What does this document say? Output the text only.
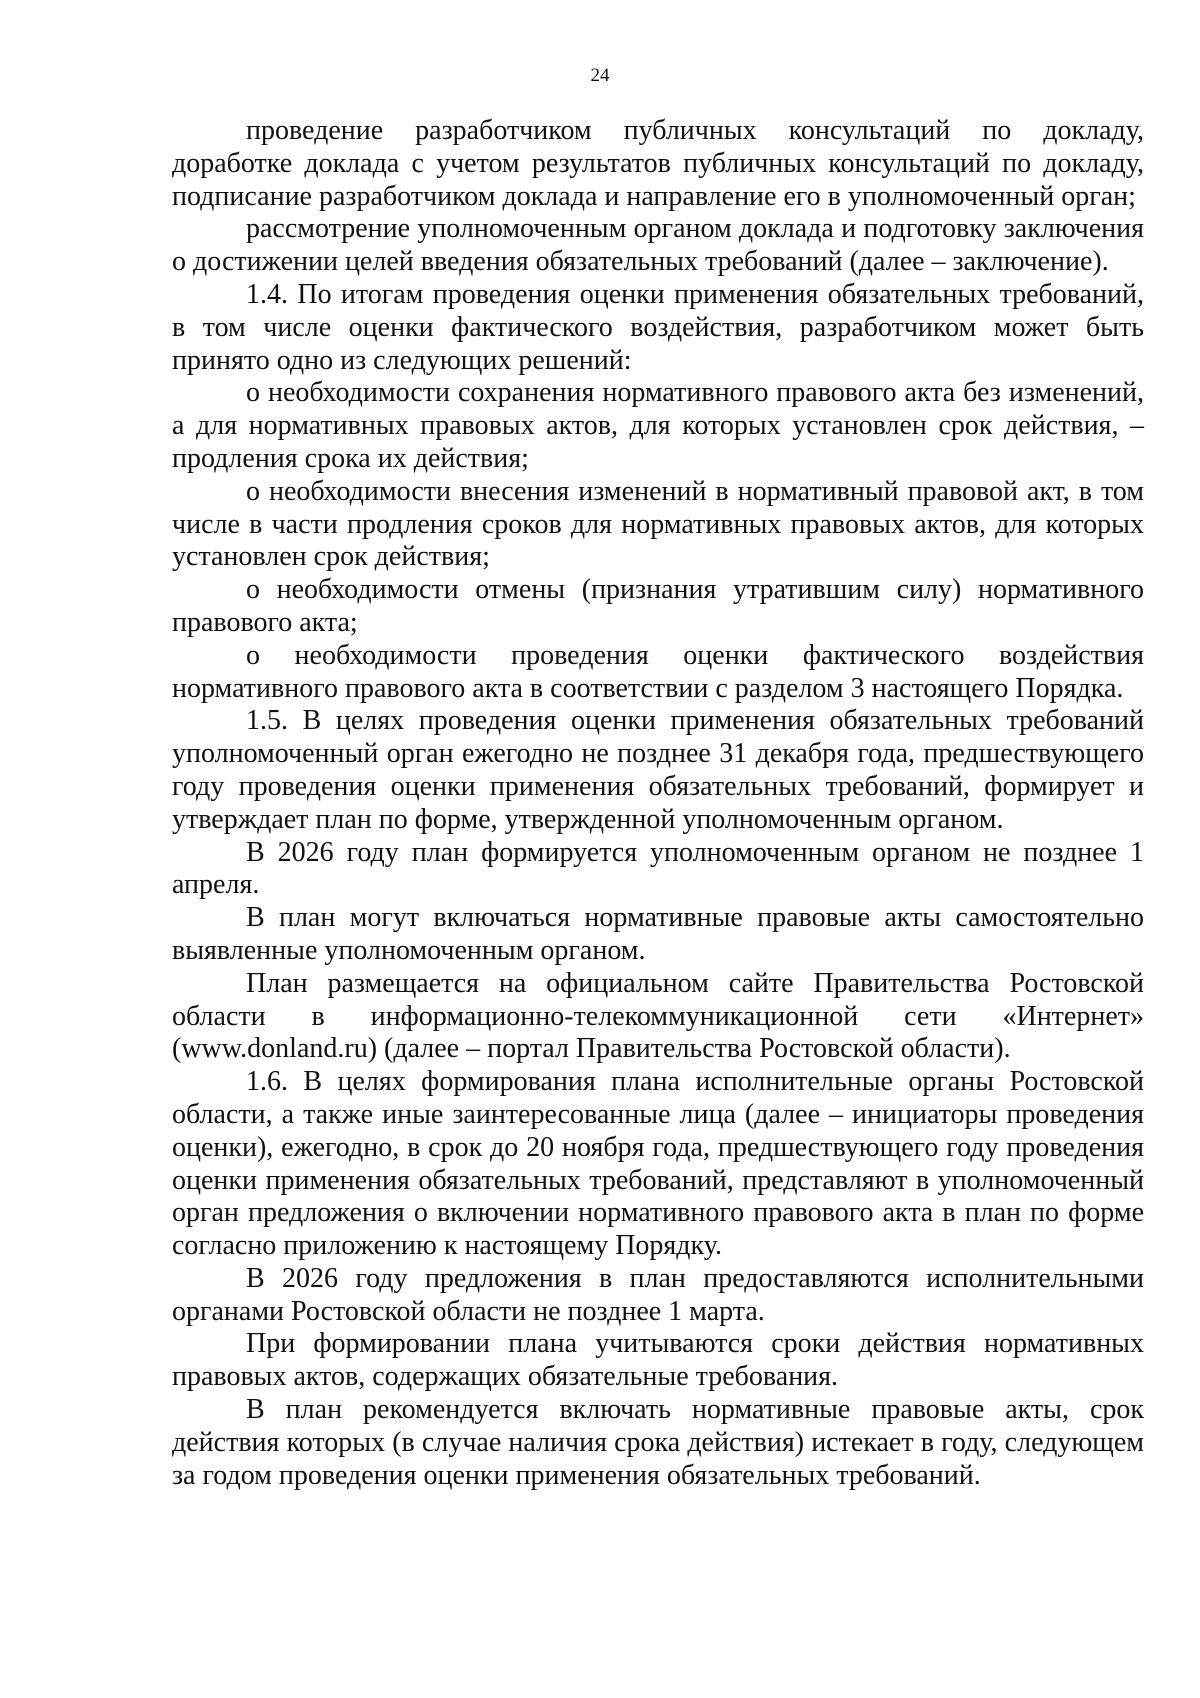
24

проведение разработчиком публичных консультаций по докладу, доработке доклада с учетом результатов публичных консультаций по докладу, подписание разработчиком доклада и направление его в уполномоченный орган;

рассмотрение уполномоченным органом доклада и подготовку заключения о достижении целей введения обязательных требований (далее – заключение).

1.4. По итогам проведения оценки применения обязательных требований, в том числе оценки фактического воздействия, разработчиком может быть принято одно из следующих решений:

о необходимости сохранения нормативного правового акта без изменений, а для нормативных правовых актов, для которых установлен срок действия, – продления срока их действия;

о необходимости внесения изменений в нормативный правовой акт, в том числе в части продления сроков для нормативных правовых актов, для которых установлен срок действия;

о необходимости отмены (признания утратившим силу) нормативного правового акта;

о необходимости проведения оценки фактического воздействия нормативного правового акта в соответствии с разделом 3 настоящего Порядка.

1.5. В целях проведения оценки применения обязательных требований уполномоченный орган ежегодно не позднее 31 декабря года, предшествующего году проведения оценки применения обязательных требований, формирует и утверждает план по форме, утвержденной уполномоченным органом.

В 2026 году план формируется уполномоченным органом не позднее 1 апреля.

В план могут включаться нормативные правовые акты самостоятельно выявленные уполномоченным органом.

План размещается на официальном сайте Правительства Ростовской области в информационно-телекоммуникационной сети «Интернет» (www.donland.ru) (далее – портал Правительства Ростовской области).

1.6. В целях формирования плана исполнительные органы Ростовской области, а также иные заинтересованные лица (далее – инициаторы проведения оценки), ежегодно, в срок до 20 ноября года, предшествующего году проведения оценки применения обязательных требований, представляют в уполномоченный орган предложения о включении нормативного правового акта в план по форме согласно приложению к настоящему Порядку.

В 2026 году предложения в план предоставляются исполнительными органами Ростовской области не позднее 1 марта.

При формировании плана учитываются сроки действия нормативных правовых актов, содержащих обязательные требования.

В план рекомендуется включать нормативные правовые акты, срок действия которых (в случае наличия срока действия) истекает в году, следующем за годом проведения оценки применения обязательных требований.
